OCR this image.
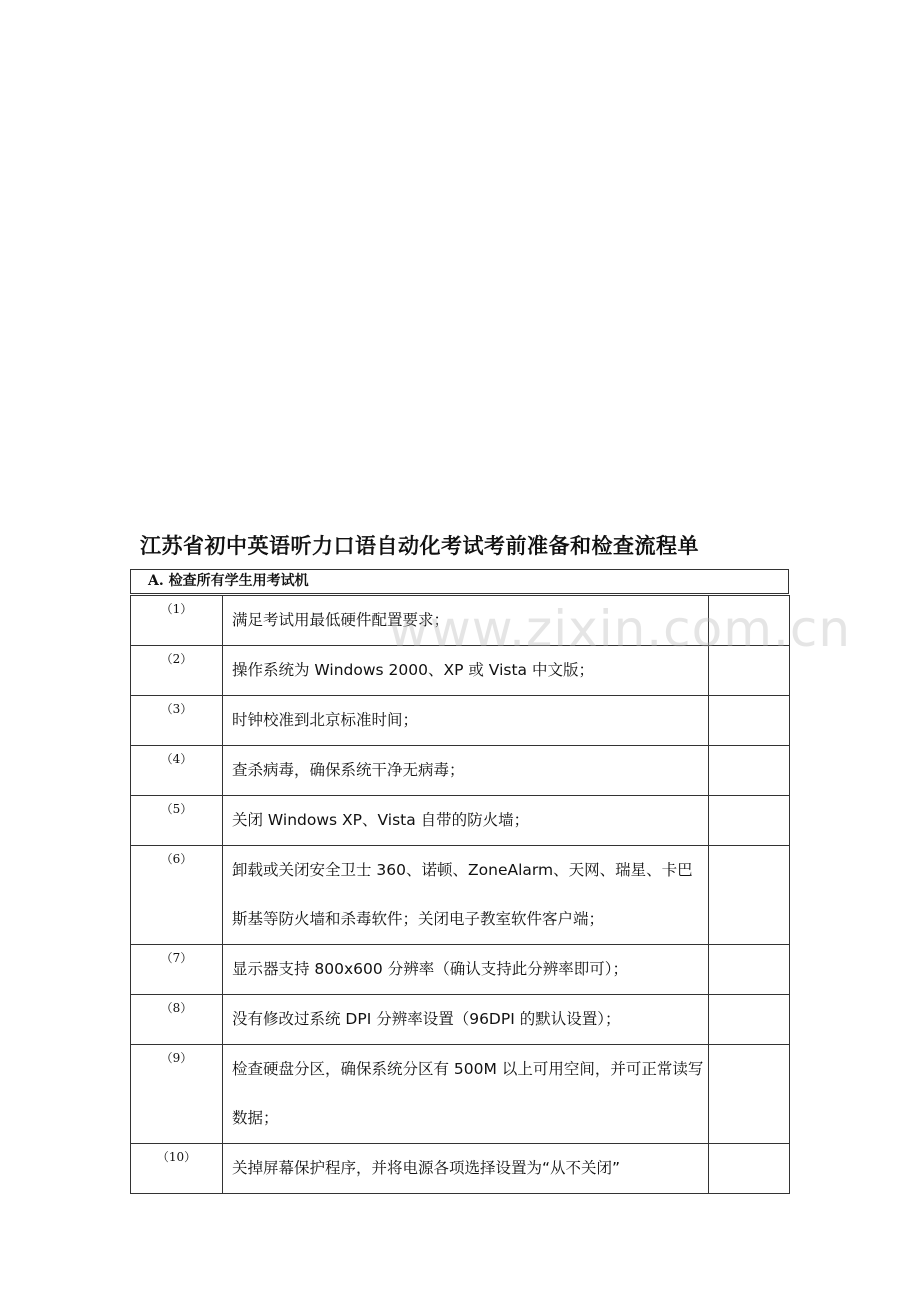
江苏省初中英语听力口语自动化考试考前准备和检查流程单
A. 检查所有学生用考试机
（1）	满足考试用最低硬件配置要求；	
（2）	操作系统为 Windows 2000、XP 或 Vista 中文版；	
（3）	时钟校准到北京标准时间；	
（4）	查杀病毒，确保系统干净无病毒；	
（5）	关闭 Windows XP、Vista 自带的防火墙；	
（6）	卸载或关闭安全卫士 360、诺顿、ZoneAlarm、天网、瑞星、卡巴斯基等防火墙和杀毒软件；关闭电子教室软件客户端；	
（7）	显示器支持 800x600 分辨率（确认支持此分辨率即可）；	
（8）	没有修改过系统 DPI 分辨率设置（96DPI 的默认设置）；	
（9）	检查硬盘分区，确保系统分区有 500M 以上可用空间，并可正常读写数据；	
（10）	关掉屏幕保护程序，并将电源各项选择设置为“从不关闭”	
www.zixin.com.cn
